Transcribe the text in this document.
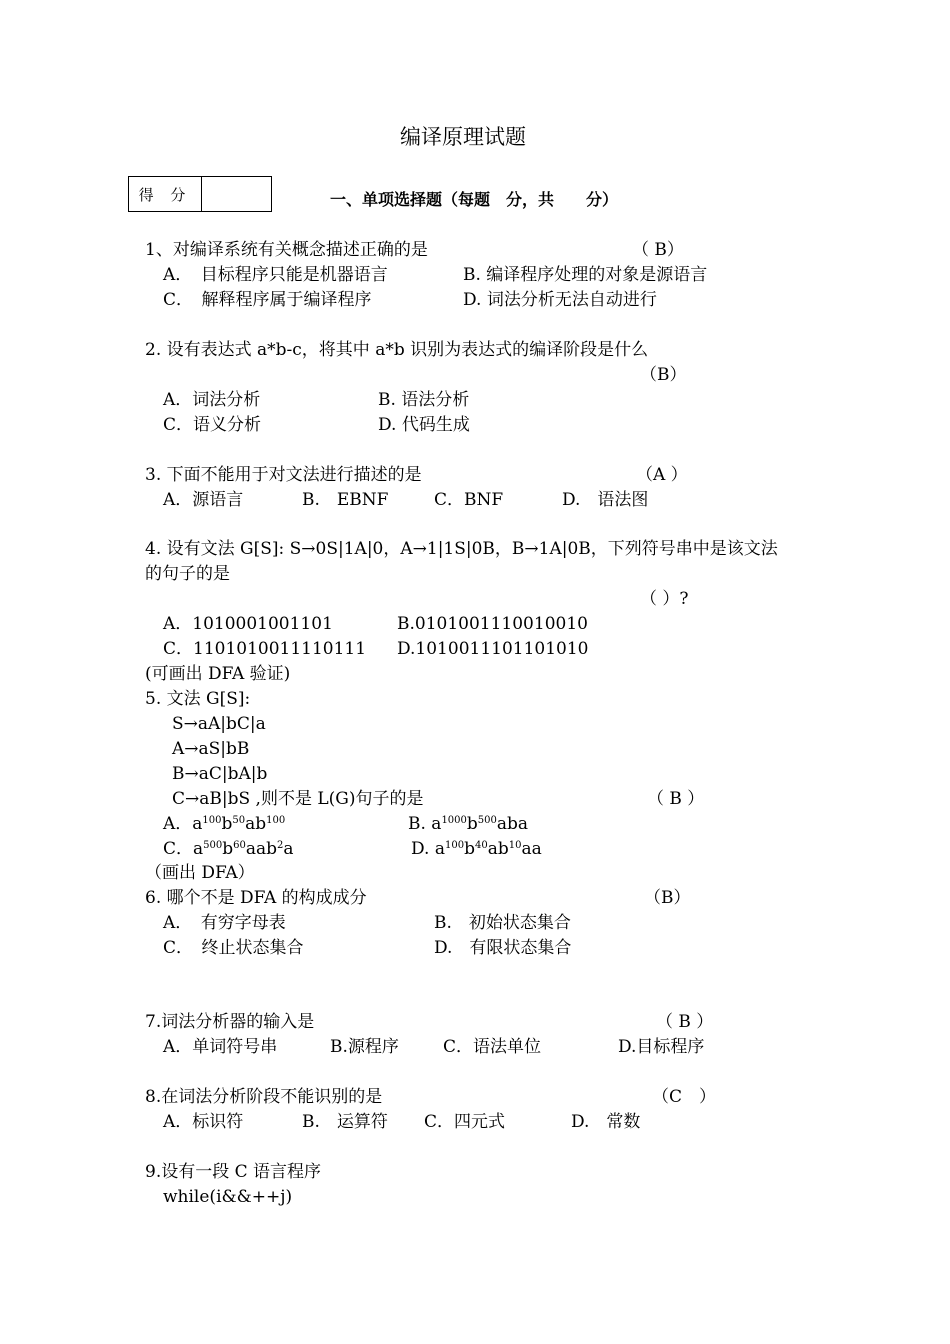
编译原理试题
得 分	一、单项选择题（每题　分，共　　分）
1、对编译系统有关概念描述正确的是	（ B）
A．　目标程序只能是机器语言	B. 编译程序处理的对象是源语言
C．　解释程序属于编译程序	D. 词法分析无法自动进行
2. 设有表达式 a*b-c，将其中 a*b 识别为表达式的编译阶段是什么
（B）
A．词法分析	B. 语法分析
C．语义分析	D. 代码生成
3. 下面不能用于对文法进行描述的是	（A ）
A．源语言	B.　EBNF	C．BNF	D.　语法图
4. 设有文法 G[S]: S→0S|1A|0，A→1|1S|0B，B→1A|0B，下列符号串中是该文法
的句子的是
（ ）?
A．1010001001101	B.0101001110010010
C．1101010011110111 D.1010011101101010
(可画出 DFA 验证)
5. 文法 G[S]:
S→aA|bC|a
A→aS|bB
B→aC|bA|b
C→aB|bS ,则不是 L(G)句子的是	（ B ）
A．$a^{100}b^{50}ab^{100}$	B. $a^{1000}b^{500}aba$
C．$a^{500}b^{60}aab^2a$	D. $a^{100}b^{40}ab^{10}aa$
（画出 DFA）
6. 哪个不是 DFA 的构成成分	（B）
A．　有穷字母表	B.　初始状态集合
C．　终止状态集合	D.　有限状态集合
7.词法分析器的输入是	（ B ）
A．单词符号串	B.源程序	C．语法单位	D.目标程序
8.在词法分析阶段不能识别的是	（C　）
A．标识符	B.　运算符 C．四元式	D.　常数
9.设有一段 C 语言程序
while(i&&++j)
